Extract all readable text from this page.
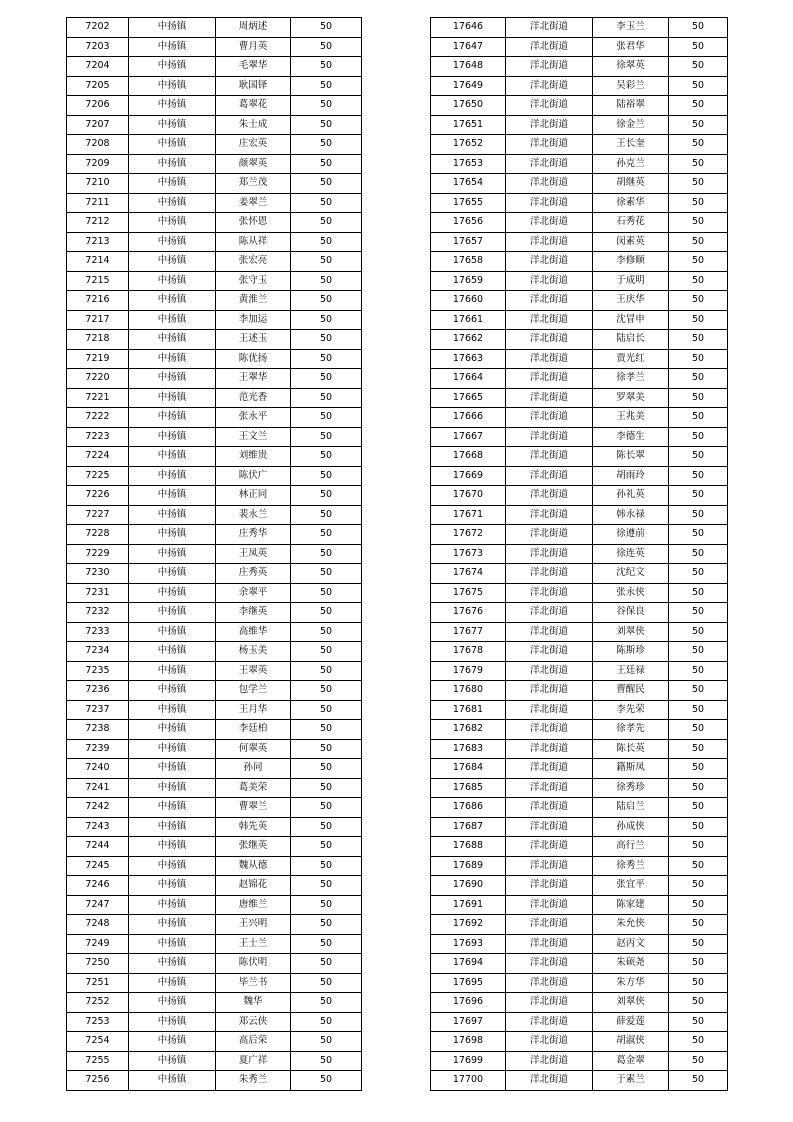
7202	中扬镇	周炳述	50
7203	中扬镇	曹月英	50
7204	中扬镇	毛翠华	50
7205	中扬镇	耿国铎	50
7206	中扬镇	葛翠花	50
7207	中扬镇	朱士成	50
7208	中扬镇	庄宏英	50
7209	中扬镇	颜翠英	50
7210	中扬镇	郑兰茂	50
7211	中扬镇	姜翠兰	50
7212	中扬镇	张怀恩	50
7213	中扬镇	陈从祥	50
7214	中扬镇	张宏亮	50
7215	中扬镇	张守玉	50
7216	中扬镇	黄淮兰	50
7217	中扬镇	李加运	50
7218	中扬镇	王述玉	50
7219	中扬镇	陈优扬	50
7220	中扬镇	王翠华	50
7221	中扬镇	范光香	50
7222	中扬镇	张永平	50
7223	中扬镇	王文兰	50
7224	中扬镇	刘维贵	50
7225	中扬镇	陈伏广	50
7226	中扬镇	林正同	50
7227	中扬镇	裴永兰	50
7228	中扬镇	庄秀华	50
7229	中扬镇	王凤英	50
7230	中扬镇	庄秀英	50
7231	中扬镇	余翠平	50
7232	中扬镇	李继英	50
7233	中扬镇	高维华	50
7234	中扬镇	杨玉美	50
7235	中扬镇	王翠英	50
7236	中扬镇	包学兰	50
7237	中扬镇	王月华	50
7238	中扬镇	李廷柏	50
7239	中扬镇	何翠英	50
7240	中扬镇	孙同	50
7241	中扬镇	葛美荣	50
7242	中扬镇	曹翠兰	50
7243	中扬镇	韩先英	50
7244	中扬镇	张继英	50
7245	中扬镇	魏从德	50
7246	中扬镇	赵锦花	50
7247	中扬镇	唐维兰	50
7248	中扬镇	王兴明	50
7249	中扬镇	王士兰	50
7250	中扬镇	陈伏明	50
7251	中扬镇	毕兰书	50
7252	中扬镇	魏华	50
7253	中扬镇	郑云侠	50
7254	中扬镇	高后荣	50
7255	中扬镇	夏广祥	50
7256	中扬镇	朱秀兰	50
17646	洋北街道	李玉兰	50
17647	洋北街道	张君华	50
17648	洋北街道	徐翠英	50
17649	洋北街道	吴彩兰	50
17650	洋北街道	陆裕翠	50
17651	洋北街道	徐金兰	50
17652	洋北街道	王长奎	50
17653	洋北街道	孙克兰	50
17654	洋北街道	胡继英	50
17655	洋北街道	徐素华	50
17656	洋北街道	石秀花	50
17657	洋北街道	闵素英	50
17658	洋北街道	李修顺	50
17659	洋北街道	于成明	50
17660	洋北街道	王庆华	50
17661	洋北街道	沈冒申	50
17662	洋北街道	陆启长	50
17663	洋北街道	贾光红	50
17664	洋北街道	徐孝兰	50
17665	洋北街道	罗翠美	50
17666	洋北街道	王兆美	50
17667	洋北街道	李德生	50
17668	洋北街道	陈长翠	50
17669	洋北街道	胡雨玲	50
17670	洋北街道	孙礼英	50
17671	洋北街道	韩永禄	50
17672	洋北街道	徐遵前	50
17673	洋北街道	徐连英	50
17674	洋北街道	沈纪文	50
17675	洋北街道	张永侠	50
17676	洋北街道	谷保良	50
17677	洋北街道	刘翠侠	50
17678	洋北街道	陈斯珍	50
17679	洋北街道	王廷禄	50
17680	洋北街道	曹醒民	50
17681	洋北街道	李先荣	50
17682	洋北街道	徐孝先	50
17683	洋北街道	陈长英	50
17684	洋北街道	籍斯凤	50
17685	洋北街道	徐秀珍	50
17686	洋北街道	陆启兰	50
17687	洋北街道	孙成侠	50
17688	洋北街道	高行兰	50
17689	洋北街道	徐秀兰	50
17690	洋北街道	张宜平	50
17691	洋北街道	陈家建	50
17692	洋北街道	朱允侠	50
17693	洋北街道	赵丙文	50
17694	洋北街道	朱硕尧	50
17695	洋北街道	朱方华	50
17696	洋北街道	刘翠侠	50
17697	洋北街道	薛爱莲	50
17698	洋北街道	胡淑侠	50
17699	洋北街道	葛金翠	50
17700	洋北街道	于素兰	50
